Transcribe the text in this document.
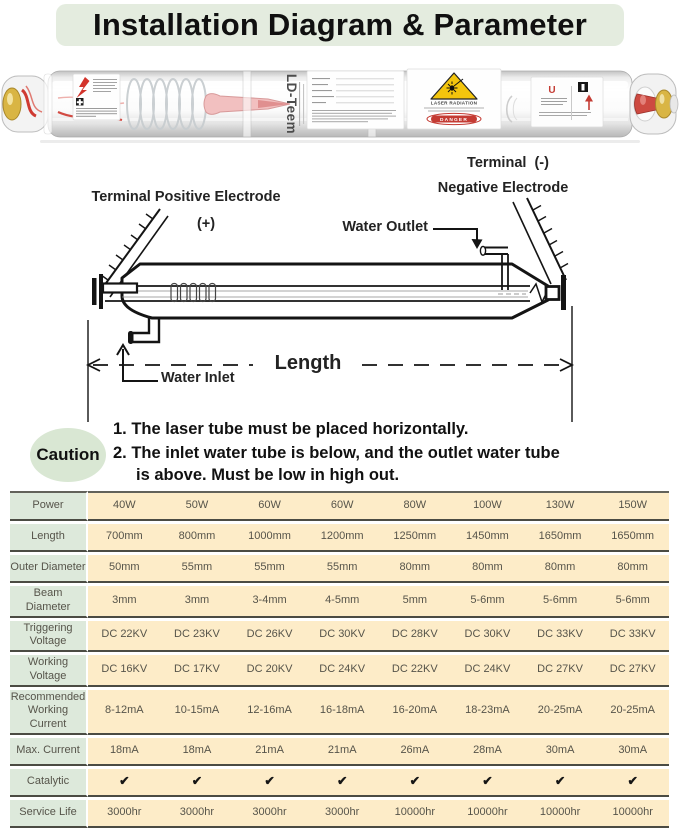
Installation Diagram & Parameter
LD-Teem	LASER RADIATION
DANGER
U
Terminal Positive Electrode
(+)
Terminal  (-)
Negative Electrode
Water Outlet
Water Inlet
Length
Caution
1. The laser tube must be placed horizontally.
2. The inlet water tube is below, and the outlet water tube is above. Must be low in high out.
Power	40W	50W	60W	60W	80W	100W	130W	150W
Length	700mm	800mm	1000mm	1200mm	1250mm	1450mm	1650mm	1650mm
Outer Diameter	50mm	55mm	55mm	55mm	80mm	80mm	80mm	80mm
Beam Diameter	3mm	3mm	3-4mm	4-5mm	5mm	5-6mm	5-6mm	5-6mm
Triggering Voltage	DC 22KV	DC 23KV	DC 26KV	DC 30KV	DC 28KV	DC 30KV	DC 33KV	DC 33KV
Working Voltage	DC 16KV	DC 17KV	DC 20KV	DC 24KV	DC 22KV	DC 24KV	DC 27KV	DC 27KV
Recommended Working Current	8-12mA	10-15mA	12-16mA	16-18mA	16-20mA	18-23mA	20-25mA	20-25mA
Max. Current	18mA	18mA	21mA	21mA	26mA	28mA	30mA	30mA
Catalytic	✔	✔	✔	✔	✔	✔	✔	✔
Service Life	3000hr	3000hr	3000hr	3000hr	10000hr	10000hr	10000hr	10000hr
